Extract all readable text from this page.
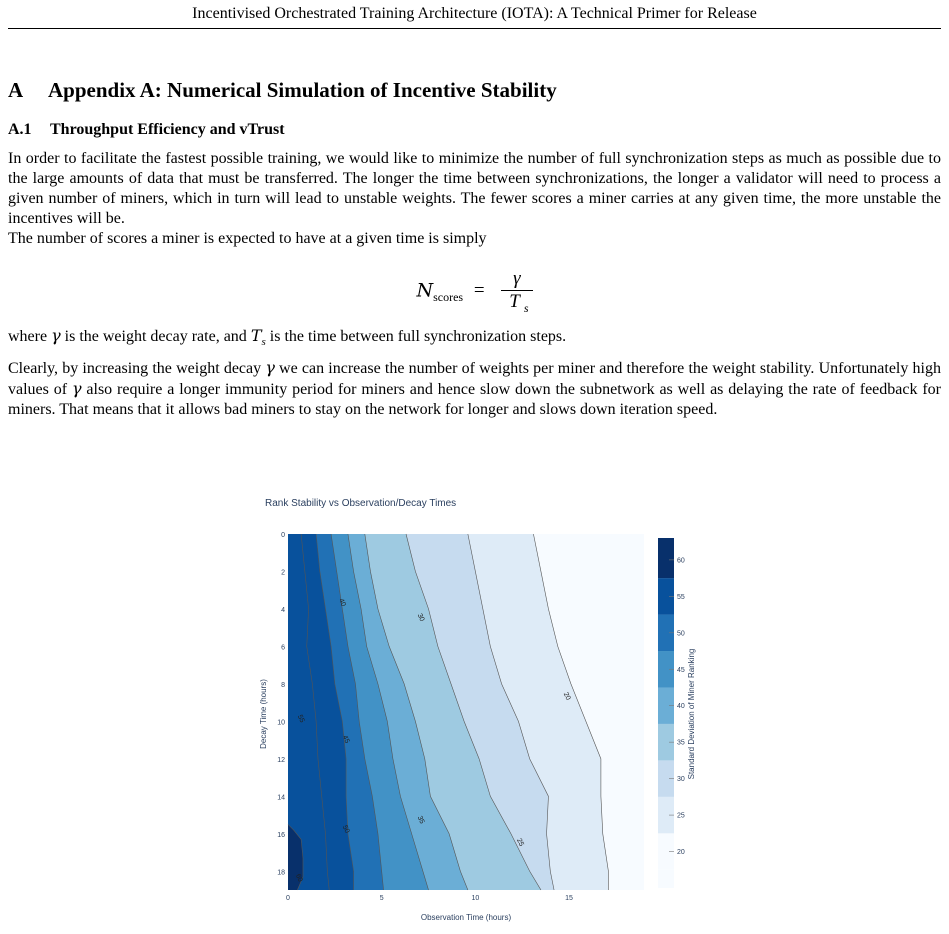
Incentivised Orchestrated Training Architecture (IOTA): A Technical Primer for Release
A Appendix A: Numerical Simulation of Incentive Stability
A.1 Throughput Efficiency and vTrust

In order to facilitate the fastest possible training, we would like to minimize the number of full synchronization steps as much as possible due to the large amounts of data that must be transferred. The longer the time between synchronizations, the longer a validator will need to process a given number of miners, which in turn will lead to unstable weights. The fewer scores a miner carries at any given time, the more unstable the incentives will be.

The number of scores a miner is expected to have at a given time is simply

$N_{scores} = \frac{\gamma}{T _s}$

where γ is the weight decay rate, and $T_s$ is the time between full synchronization steps.

Clearly, by increasing the weight decay γ we can increase the number of weights per miner and therefore the weight stability. Unfortunately high values of γ also require a longer immunity period for miners and hence slow down the subnetwork as well as delaying the rate of feedback for miners. That means that it allows bad miners to stay on the network for longer and slows down iteration speed.

Rank Stability vs Observation/Decay Times
20
25
30
35
40
45
50
55
60
0	5	10	15
0
2
4
6
8
10
12
14
16
18
Observation Time (hours)
Decay Time (hours)
20
25
30
35
40
45
50
55
60
Standard Deviation of Miner Ranking
